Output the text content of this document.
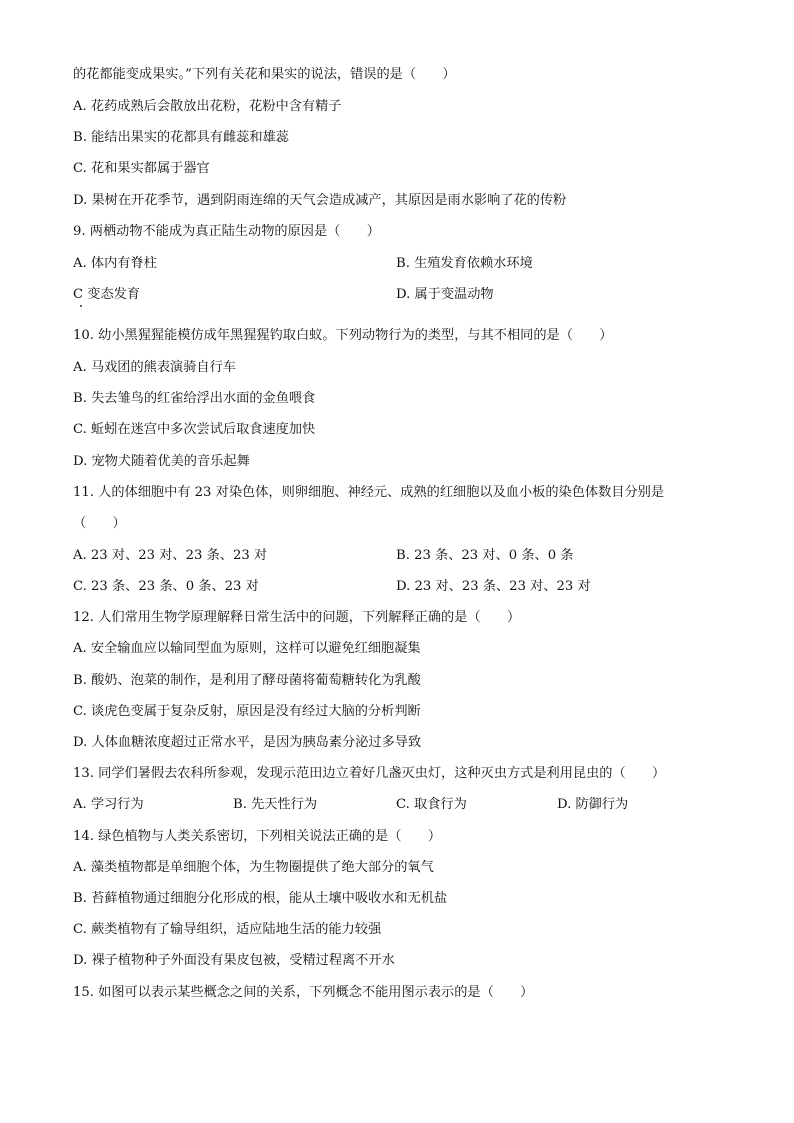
的花都能变成果实。”下列有关花和果实的说法，错误的是（　　）
A. 花药成熟后会散放出花粉，花粉中含有精子
B. 能结出果实的花都具有雌蕊和雄蕊
C. 花和果实都属于器官
D. 果树在开花季节，遇到阴雨连绵的天气会造成减产，其原因是雨水影响了花的传粉
9. 两栖动物不能成为真正陆生动物的原因是（　　）
A. 体内有脊柱	B. 生殖发育依赖水环境
C 变态发育	D. 属于变温动物
10. 幼小黑猩猩能模仿成年黑猩猩钓取白蚁。下列动物行为的类型，与其不相同的是（　　）
A. 马戏团的熊表演骑自行车
B. 失去雏鸟的红雀给浮出水面的金鱼喂食
C. 蚯蚓在迷宫中多次尝试后取食速度加快
D. 宠物犬随着优美的音乐起舞
11. 人的体细胞中有 23 对染色体，则卵细胞、神经元、成熟的红细胞以及血小板的染色体数目分别是
（　　）
A. 23 对、23 对、23 条、23 对	B. 23 条、23 对、0 条、0 条
C. 23 条、23 条、0 条、23 对	D. 23 对、23 条、23 对、23 对
12. 人们常用生物学原理解释日常生活中的问题，下列解释正确的是（　　）
A. 安全输血应以输同型血为原则，这样可以避免红细胞凝集
B. 酸奶、泡菜的制作，是利用了酵母菌将葡萄糖转化为乳酸
C. 谈虎色变属于复杂反射，原因是没有经过大脑的分析判断
D. 人体血糖浓度超过正常水平，是因为胰岛素分泌过多导致
13. 同学们暑假去农科所参观，发现示范田边立着好几盏灭虫灯，这种灭虫方式是利用昆虫的（　　）
A. 学习行为	B. 先天性行为	C. 取食行为	D. 防御行为
14. 绿色植物与人类关系密切，下列相关说法正确的是（　　）
A. 藻类植物都是单细胞个体，为生物圈提供了绝大部分的氧气
B. 苔藓植物通过细胞分化形成的根，能从土壤中吸收水和无机盐
C. 蕨类植物有了输导组织，适应陆地生活的能力较强
D. 裸子植物种子外面没有果皮包被，受精过程离不开水
15. 如图可以表示某些概念之间的关系，下列概念不能用图示表示的是（　　）
